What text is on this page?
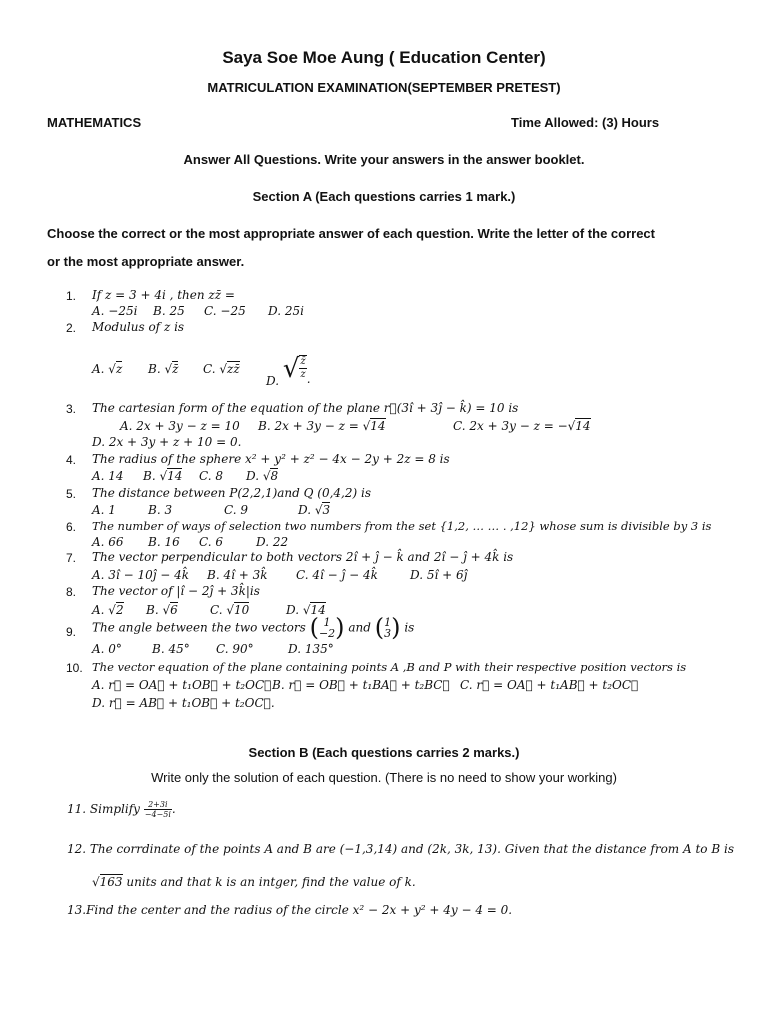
Saya Soe Moe Aung ( Education Center)
MATRICULATION EXAMINATION(SEPTEMBER PRETEST)
MATHEMATICS	Time Allowed: (3) Hours
Answer All Questions. Write your answers in the answer booklet.
Section A (Each questions carries 1 mark.)
Choose the correct or the most appropriate answer of each question. Write the letter of the correct
or the most appropriate answer.
1. If z = 3 + 4i , then zz̄ =
A. −25i B. 25 C. −25 D. 25i
2. Modulus of z is
A. √z B. √z̄ C. √zz̄
D. √ $\frac{z̄}{z}$ .
3. The cartesian form of the equation of the plane r⃗(3î + 3ĵ − k̂) = 10 is
A. 2x + 3y − z = 10 B. 2x + 3y − z = √14	C. 2x + 3y − z = −√14
D. 2x + 3y + z + 10 = 0.
4. The radius of the sphere x² + y² + z² − 4x − 2y + 2z = 8 is
A. 14 B. √14 C. 8 D. √8
5. The distance between P(2,2,1)and Q (0,4,2) is
A. 1	B. 3	C. 9	D. √3
6. The number of ways of selection two numbers from the set {1,2, … … . ,12} whose sum is divisible by 3 is
A. 66 B. 16 C. 6	D. 22
7. The vector perpendicular to both vectors 2î + ĵ − k̂ and 2î − ĵ + 4k̂ is
A. 3î − 10ĵ − 4k̂ B. 4î + 3k̂ C. 4î − ĵ − 4k̂	D. 5î + 6ĵ
8. The vector of |î − 2ĵ + 3k̂|is
A. √2 B. √6	C. √10	D. √14
9. The angle between the two vectors ( 1
−2 ) and ( 1
3 ) is
A. 0°	B. 45° C. 90°	D. 135°
10. The vector equation of the plane containing points A ,B and P with their respective position vectors is
A. r⃗ = OA⃗ + t₁OB⃗ + t₂OC⃗ B. r⃗ = OB⃗ + t₁BA⃗ + t₂BC⃗ C. r⃗ = OA⃗ + t₁AB⃗ + t₂OC⃗
D. r⃗ = AB⃗ + t₁OB⃗ + t₂OC⃗.
Section B (Each questions carries 2 marks.)
Write only the solution of each question. (There is no need to show your working)
11. Simplify $\frac{2+3i}{-4-5i}$ .
12. The corrdinate of the points A and B are (−1,3,14) and (2k, 3k, 13). Given that the distance from A to B is
√163 units and that k is an intger, find the value of k.
13.Find the center and the radius of the circle x² − 2x + y² + 4y − 4 = 0.
